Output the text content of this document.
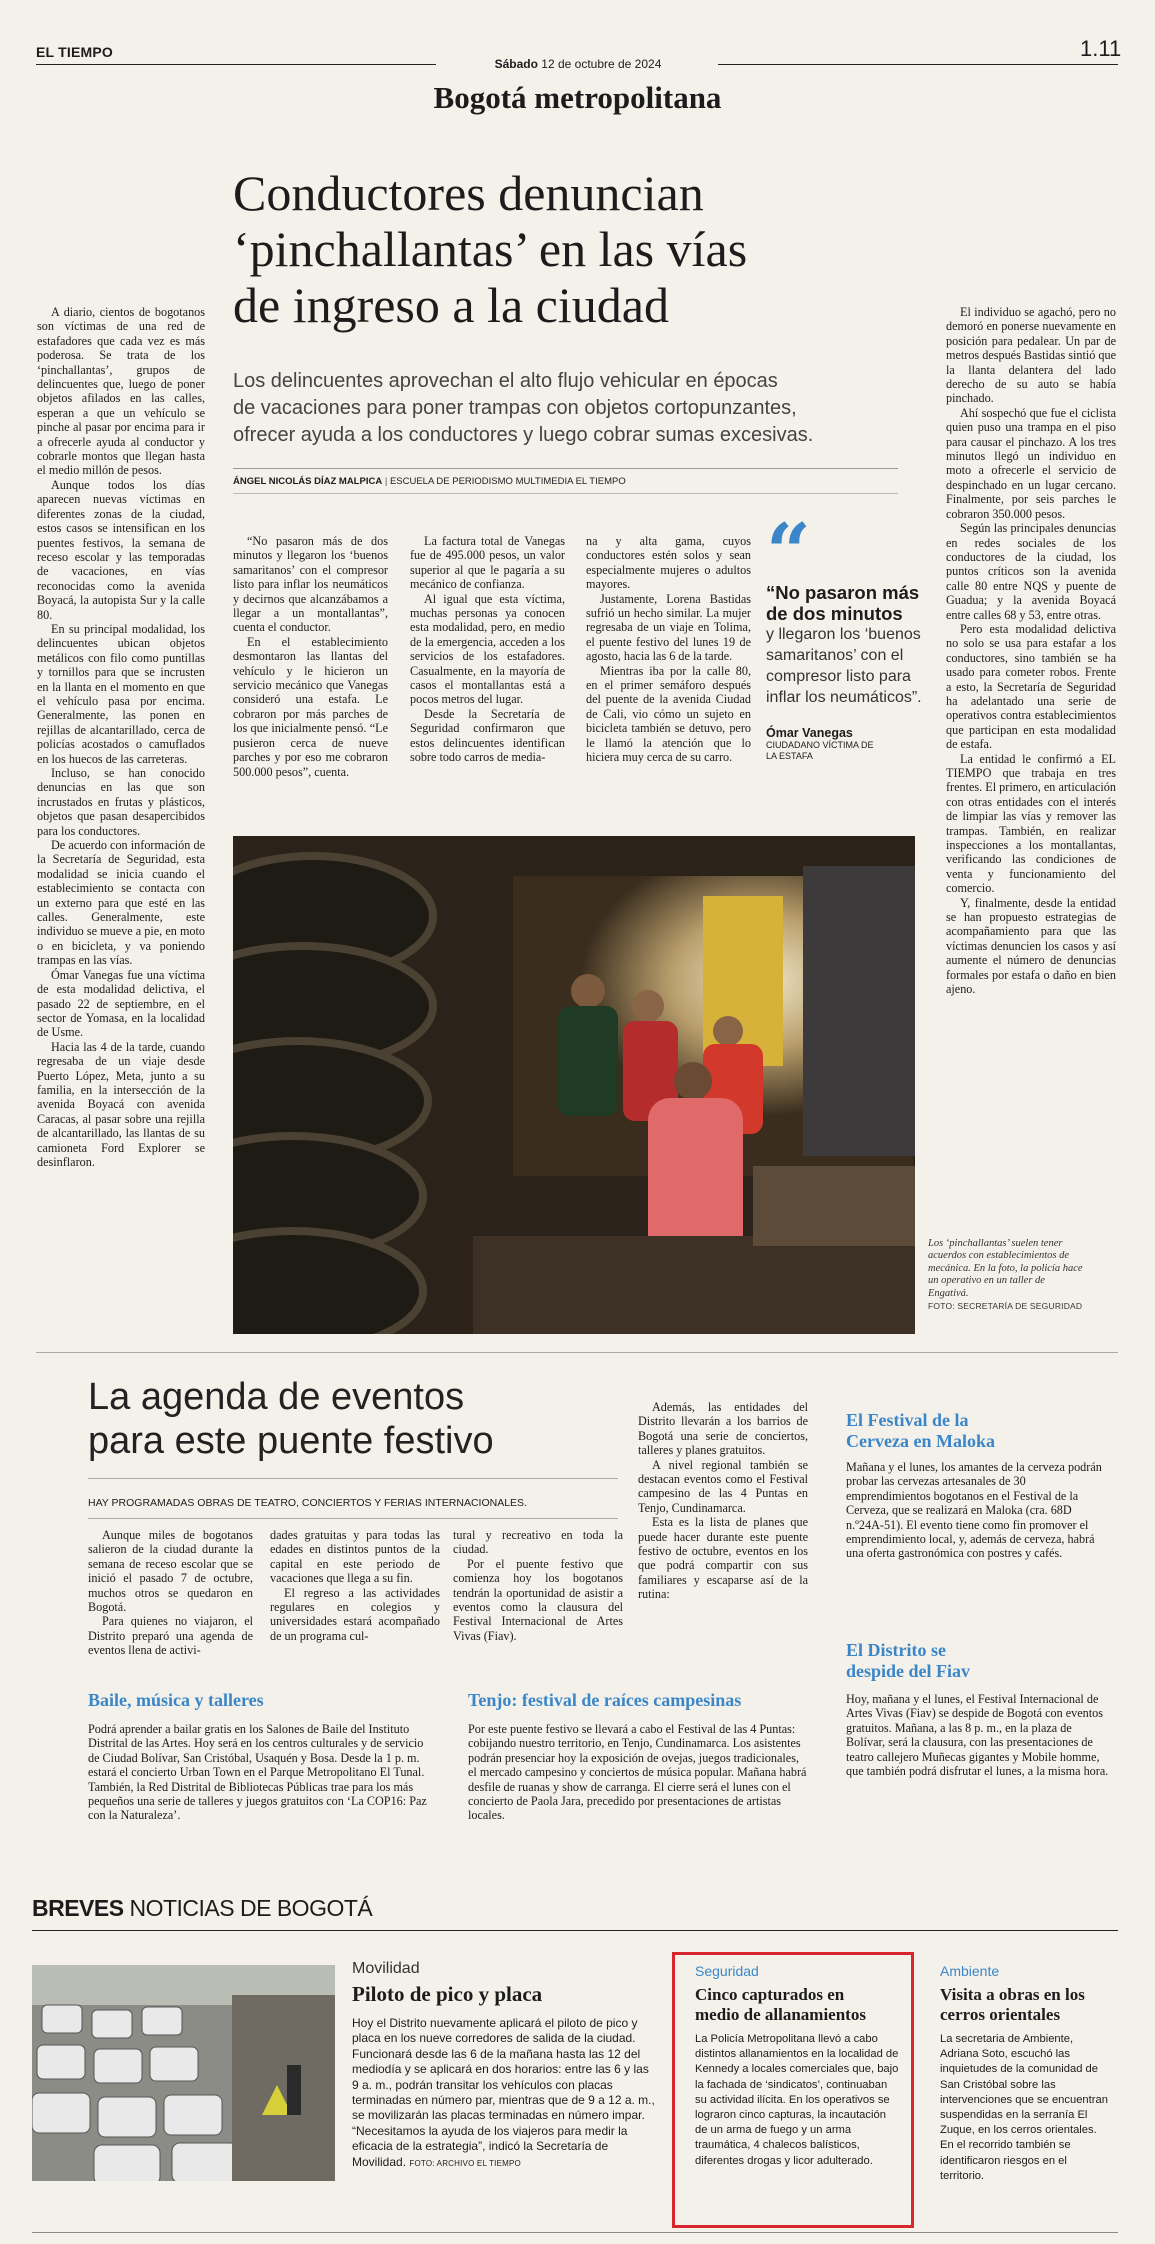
EL TIEMPO	1.11
Sábado 12 de octubre de 2024
Bogotá metropolitana
Conductores denuncian
‘pinchallantas’ en las vías
de ingreso a la ciudad
Los delincuentes aprovechan el alto flujo vehicular en épocas
de vacaciones para poner trampas con objetos cortopunzantes,
ofrecer ayuda a los conductores y luego cobrar sumas excesivas.
ÁNGEL NICOLÁS DÍAZ MALPICA | ESCUELA DE PERIODISMO MULTIMEDIA EL TIEMPO

A diario, cientos de bogotanos son víctimas de una red de estafadores que cada vez es más poderosa. Se trata de los ‘pinchallantas’, grupos de delincuentes que, luego de poner objetos afilados en las calles, esperan a que un vehículo se pinche al pasar por encima para ir a ofrecerle ayuda al conductor y cobrarle montos que llegan hasta el medio millón de pesos.

Aunque todos los días aparecen nuevas víctimas en diferentes zonas de la ciudad, estos casos se intensifican en los puentes festivos, la semana de receso escolar y las temporadas de vacaciones, en vías reconocidas como la avenida Boyacá, la autopista Sur y la calle 80.

En su principal modalidad, los delincuentes ubican objetos metálicos con filo como puntillas y tornillos para que se incrusten en la llanta en el momento en que el vehículo pasa por encima. Generalmente, las ponen en rejillas de alcantarillado, cerca de policías acostados o camuflados en los huecos de las carreteras.

Incluso, se han conocido denuncias en las que son incrustados en frutas y plásticos, objetos que pasan desapercibidos para los conductores.

De acuerdo con información de la Secretaría de Seguridad, esta modalidad se inicia cuando el establecimiento se contacta con un externo para que esté en las calles. Generalmente, este individuo se mueve a pie, en moto o en bicicleta, y va poniendo trampas en las vías.

Ómar Vanegas fue una víctima de esta modalidad delictiva, el pasado 22 de septiembre, en el sector de Yomasa, en la localidad de Usme.

Hacia las 4 de la tarde, cuando regresaba de un viaje desde Puerto López, Meta, junto a su familia, en la intersección de la avenida Boyacá con avenida Caracas, al pasar sobre una rejilla de alcantarillado, las llantas de su camioneta Ford Explorer se desinflaron.

“No pasaron más de dos minutos y llegaron los ‘buenos samaritanos’ con el compresor listo para inflar los neumáticos y decirnos que alcanzábamos a llegar a un montallantas”, cuenta el conductor.

En el establecimiento desmontaron las llantas del vehículo y le hicieron un servicio mecánico que Vanegas consideró una estafa. Le cobraron por más parches de los que inicialmente pensó. “Le pusieron cerca de nueve parches y por eso me cobraron 500.000 pesos”, cuenta.

La factura total de Vanegas fue de 495.000 pesos, un valor superior al que le pagaría a su mecánico de confianza.

Al igual que esta víctima, muchas personas ya conocen esta modalidad, pero, en medio de la emergencia, acceden a los servicios de los estafadores. Casualmente, en la mayoría de casos el montallantas está a pocos metros del lugar.

Desde la Secretaría de Seguridad confirmaron que estos delincuentes identifican sobre todo carros de media-

na y alta gama, cuyos conductores estén solos y sean especialmente mujeres o adultos mayores.

Justamente, Lorena Bastidas sufrió un hecho similar. La mujer regresaba de un viaje en Tolima, el puente festivo del lunes 19 de agosto, hacia las 6 de la tarde.

Mientras iba por la calle 80, en el primer semáforo después del puente de la avenida Ciudad de Cali, vio cómo un sujeto en bicicleta también se detuvo, pero le llamó la atención que lo hiciera muy cerca de su carro.

“
“No pasaron más de dos minutos
y llegaron los ‘buenos samaritanos’ con el compresor listo para inflar los neumáticos”.
Ómar Vanegas
CIUDADANO VÍCTIMA DE LA ESTAFA

El individuo se agachó, pero no demoró en ponerse nuevamente en posición para pedalear. Un par de metros después Bastidas sintió que la llanta delantera del lado derecho de su auto se había pinchado.

Ahí sospechó que fue el ciclista quien puso una trampa en el piso para causar el pinchazo. A los tres minutos llegó un individuo en moto a ofrecerle el servicio de despinchado en un lugar cercano. Finalmente, por seis parches le cobraron 350.000 pesos.

Según las principales denuncias en redes sociales de los conductores de la ciudad, los puntos críticos son la avenida calle 80 entre NQS y puente de Guadua; y la avenida Boyacá entre calles 68 y 53, entre otras.

Pero esta modalidad delictiva no solo se usa para estafar a los conductores, sino también se ha usado para cometer robos. Frente a esto, la Secretaría de Seguridad ha adelantado una serie de operativos contra establecimientos que participan en esta modalidad de estafa.

La entidad le confirmó a EL TIEMPO que trabaja en tres frentes. El primero, en articulación con otras entidades con el interés de limpiar las vías y remover las trampas. También, en realizar inspecciones a los montallantas, verificando las condiciones de venta y funcionamiento del comercio.

Y, finalmente, desde la entidad se han propuesto estrategias de acompañamiento para que las víctimas denuncien los casos y así aumente el número de denuncias formales por estafa o daño en bien ajeno.

Los ‘pinchallantas’ suelen tener acuerdos con establecimientos de mecánica. En la foto, la policía hace un operativo en un taller de Engativá.
FOTO: SECRETARÍA DE SEGURIDAD
La agenda de eventos
para este puente festivo
HAY PROGRAMADAS OBRAS DE TEATRO, CONCIERTOS Y FERIAS INTERNACIONALES.

Aunque miles de bogotanos salieron de la ciudad durante la semana de receso escolar que se inició el pasado 7 de octubre, muchos otros se quedaron en Bogotá.

Para quienes no viajaron, el Distrito preparó una agenda de eventos llena de activi-

dades gratuitas y para todas las edades en distintos puntos de la capital en este periodo de vacaciones que llega a su fin.

El regreso a las actividades regulares en colegios y universidades estará acompañado de un programa cul-

tural y recreativo en toda la ciudad.

Por el puente festivo que comienza hoy los bogotanos tendrán la oportunidad de asistir a eventos como la clausura del Festival Internacional de Artes Vivas (Fiav).

Además, las entidades del Distrito llevarán a los barrios de Bogotá una serie de conciertos, talleres y planes gratuitos.

A nivel regional también se destacan eventos como el Festival campesino de las 4 Puntas en Tenjo, Cundinamarca.

Esta es la lista de planes que puede hacer durante este puente festivo de octubre, eventos en los que podrá compartir con sus familiares y escaparse así de la rutina:

Baile, música y talleres
Podrá aprender a bailar gratis en los Salones de Baile del Instituto Distrital de las Artes. Hoy será en los centros culturales y de servicio de Ciudad Bolívar, San Cristóbal, Usaquén y Bosa. Desde la 1 p. m. estará el concierto Urban Town en el Parque Metropolitano El Tunal. También, la Red Distrital de Bibliotecas Públicas trae para los más pequeños una serie de talleres y juegos gratuitos con ‘La COP16: Paz con la Naturaleza’.
Tenjo: festival de raíces campesinas
Por este puente festivo se llevará a cabo el Festival de las 4 Puntas: cobijando nuestro territorio, en Tenjo, Cundinamarca. Los asistentes podrán presenciar hoy la exposición de ovejas, juegos tradicionales, el mercado campesino y conciertos de música popular. Mañana habrá desfile de ruanas y show de carranga. El cierre será el lunes con el concierto de Paola Jara, precedido por presentaciones de artistas locales.
El Festival de la
Cerveza en Maloka
Mañana y el lunes, los amantes de la cerveza podrán probar las cervezas artesanales de 30 emprendimientos bogotanos en el Festival de la Cerveza, que se realizará en Maloka (cra. 68D n.º24A-51). El evento tiene como fin promover el emprendimiento local, y, además de cerveza, habrá una oferta gastronómica con postres y cafés.
El Distrito se
despide del Fiav
Hoy, mañana y el lunes, el Festival Internacional de Artes Vivas (Fiav) se despide de Bogotá con eventos gratuitos. Mañana, a las 8 p. m., en la plaza de Bolívar, será la clausura, con las presentaciones de teatro callejero Muñecas gigantes y Mobile homme, que también podrá disfrutar el lunes, a la misma hora.
BREVES NOTICIAS DE BOGOTÁ
Movilidad
Piloto de pico y placa
Hoy el Distrito nuevamente aplicará el piloto de pico y placa en los nueve corredores de salida de la ciudad. Funcionará desde las 6 de la mañana hasta las 12 del mediodía y se aplicará en dos horarios: entre las 6 y las 9 a. m., podrán transitar los vehículos con placas terminadas en número par, mientras que de 9 a 12 a. m., se movilizarán las placas terminadas en número impar. “Necesitamos la ayuda de los viajeros para medir la eficacia de la estrategia”, indicó la Secretaría de Movilidad. FOTO: ARCHIVO EL TIEMPO
Seguridad
Cinco capturados en
medio de allanamientos
La Policía Metropolitana llevó a cabo distintos allanamientos en la localidad de Kennedy a locales comerciales que, bajo la fachada de ‘sindicatos’, continuaban su actividad ilícita. En los operativos se lograron cinco capturas, la incautación de un arma de fuego y un arma traumática, 4 chalecos balísticos, diferentes drogas y licor adulterado.
Ambiente
Visita a obras en los
cerros orientales
La secretaria de Ambiente, Adriana Soto, escuchó las inquietudes de la comunidad de San Cristóbal sobre las intervenciones que se encuentran suspendidas en la serranía El Zuque, en los cerros orientales. En el recorrido también se identificaron riesgos en el territorio.
